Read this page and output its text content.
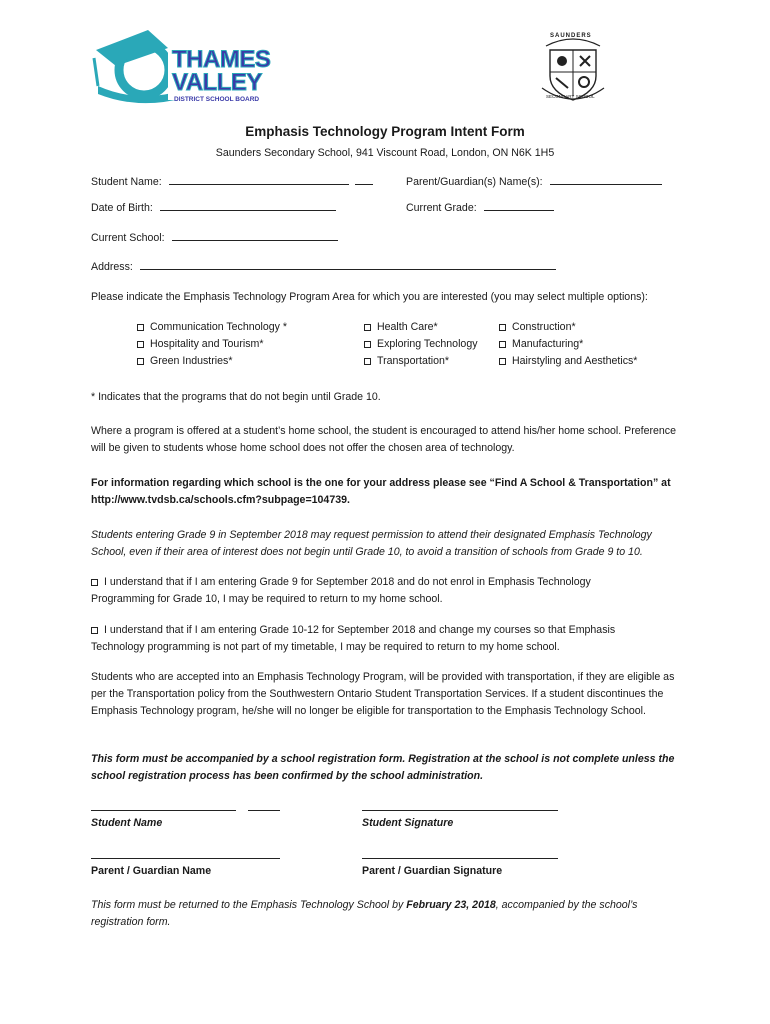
THAMES
VALLEY
DISTRICT SCHOOL BOARD
SAUNDERS
SECONDARY SCHOOL
Emphasis Technology Program Intent Form
Saunders Secondary School, 941 Viscount Road, London, ON N6K 1H5
Student Name:	Parent/Guardian(s) Name(s):
Date of Birth:	Current Grade:
Current School:
Address:
Please indicate the Emphasis Technology Program Area for which you are interested (you may select multiple options):
Communication Technology *
Hospitality and Tourism*
Green Industries*
Health Care*
Exploring Technology
Transportation*
Construction*
Manufacturing*
Hairstyling and Aesthetics*
* Indicates that the programs that do not begin until Grade 10.
Where a program is offered at a student’s home school, the student is encouraged to attend his/her home school. Preference will be given to students whose home school does not offer the chosen area of technology.
For information regarding which school is the one for your address please see “Find A School & Transportation” at
http://www.tvdsb.ca/schools.cfm?subpage=104739.
Students entering Grade 9 in September 2018 may request permission to attend their designated Emphasis Technology School, even if their area of interest does not begin until Grade 10, to avoid a transition of schools from Grade 9 to 10.
I understand that if I am entering Grade 9 for September 2018 and do not enrol in Emphasis Technology Programming for Grade 10, I may be required to return to my home school.
I understand that if I am entering Grade 10-12 for September 2018 and change my courses so that Emphasis Technology programming is not part of my timetable, I may be required to return to my home school.
Students who are accepted into an Emphasis Technology Program, will be provided with transportation, if they are eligible as per the Transportation policy from the Southwestern Ontario Student Transportation Services. If a student discontinues the Emphasis Technology program, he/she will no longer be eligible for transportation to the Emphasis Technology School.
This form must be accompanied by a school registration form. Registration at the school is not complete unless the school registration process has been confirmed by the school administration.
Student Name	Student Signature
Parent / Guardian Name	Parent / Guardian Signature
This form must be returned to the Emphasis Technology School by February 23, 2018, accompanied by the school’s registration form.
